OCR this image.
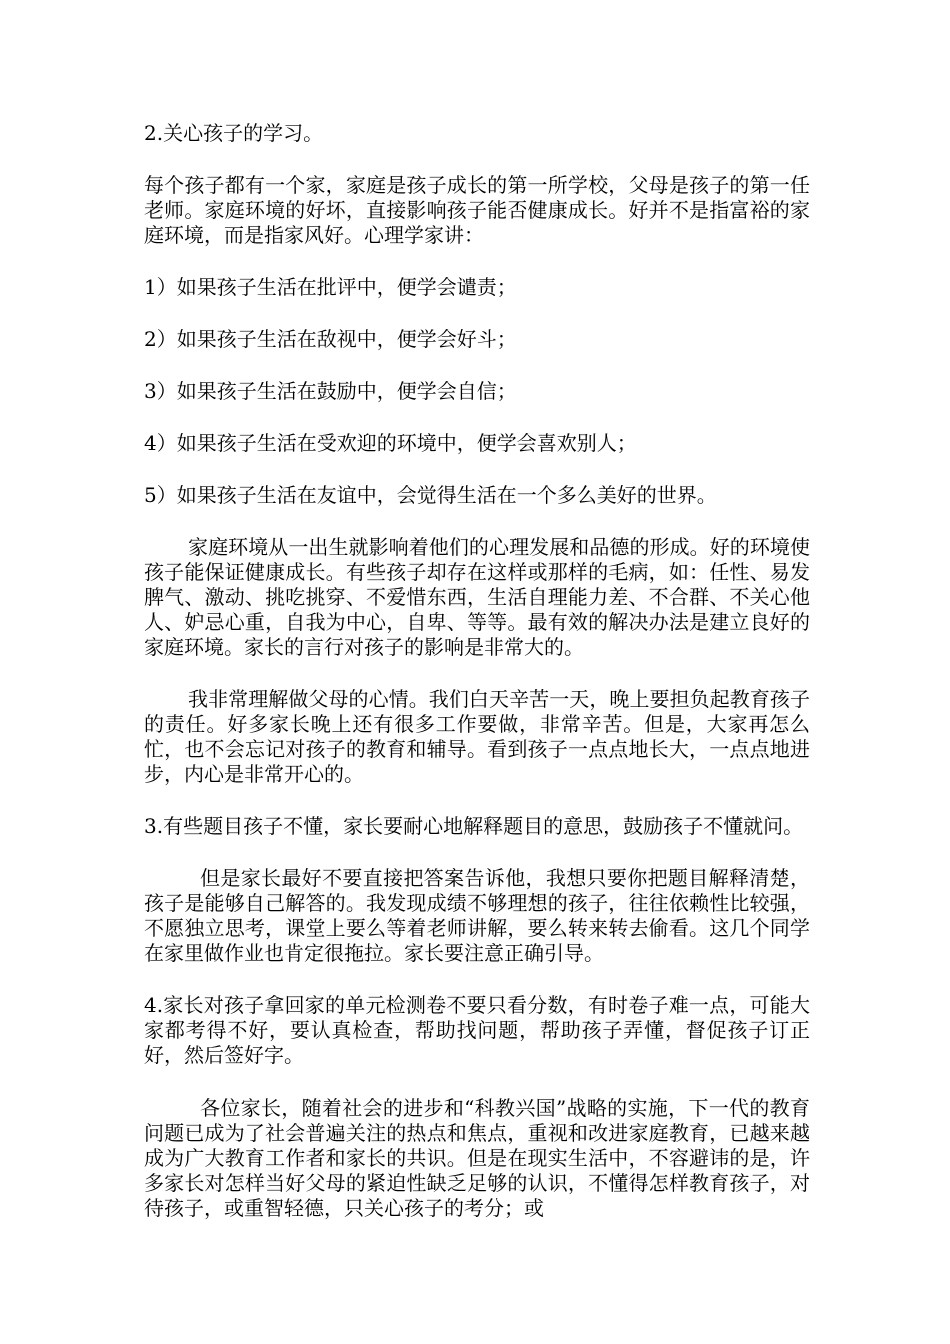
2.关心孩子的学习。

每个孩子都有一个家，家庭是孩子成长的第一所学校，父母是孩子的第一任老师。家庭环境的好坏，直接影响孩子能否健康成长。好并不是指富裕的家庭环境，而是指家风好。心理学家讲：

1）如果孩子生活在批评中，便学会谴责；

2）如果孩子生活在敌视中，便学会好斗；

3）如果孩子生活在鼓励中，便学会自信；

4）如果孩子生活在受欢迎的环境中，便学会喜欢别人；

5）如果孩子生活在友谊中，会觉得生活在一个多么美好的世界。

家庭环境从一出生就影响着他们的心理发展和品德的形成。好的环境使孩子能保证健康成长。有些孩子却存在这样或那样的毛病，如：任性、易发脾气、激动、挑吃挑穿、不爱惜东西，生活自理能力差、不合群、不关心他人、妒忌心重，自我为中心，自卑、等等。最有效的解决办法是建立良好的家庭环境。家长的言行对孩子的影响是非常大的。

我非常理解做父母的心情。我们白天辛苦一天，晚上要担负起教育孩子的责任。好多家长晚上还有很多工作要做，非常辛苦。但是，大家再怎么忙，也不会忘记对孩子的教育和辅导。看到孩子一点点地长大，一点点地进步，内心是非常开心的。

3.有些题目孩子不懂，家长要耐心地解释题目的意思，鼓励孩子不懂就问。

但是家长最好不要直接把答案告诉他，我想只要你把题目解释清楚，孩子是能够自己解答的。我发现成绩不够理想的孩子，往往依赖性比较强，不愿独立思考，课堂上要么等着老师讲解，要么转来转去偷看。这几个同学在家里做作业也肯定很拖拉。家长要注意正确引导。

4.家长对孩子拿回家的单元检测卷不要只看分数，有时卷子难一点，可能大家都考得不好，要认真检查，帮助找问题，帮助孩子弄懂，督促孩子订正好，然后签好字。

各位家长，随着社会的进步和“科教兴国”战略的实施，下一代的教育问题已成为了社会普遍关注的热点和焦点，重视和改进家庭教育，已越来越成为广大教育工作者和家长的共识。但是在现实生活中，不容避讳的是，许多家长对怎样当好父母的紧迫性缺乏足够的认识，不懂得怎样教育孩子，对待孩子，或重智轻德，只关心孩子的考分；或
